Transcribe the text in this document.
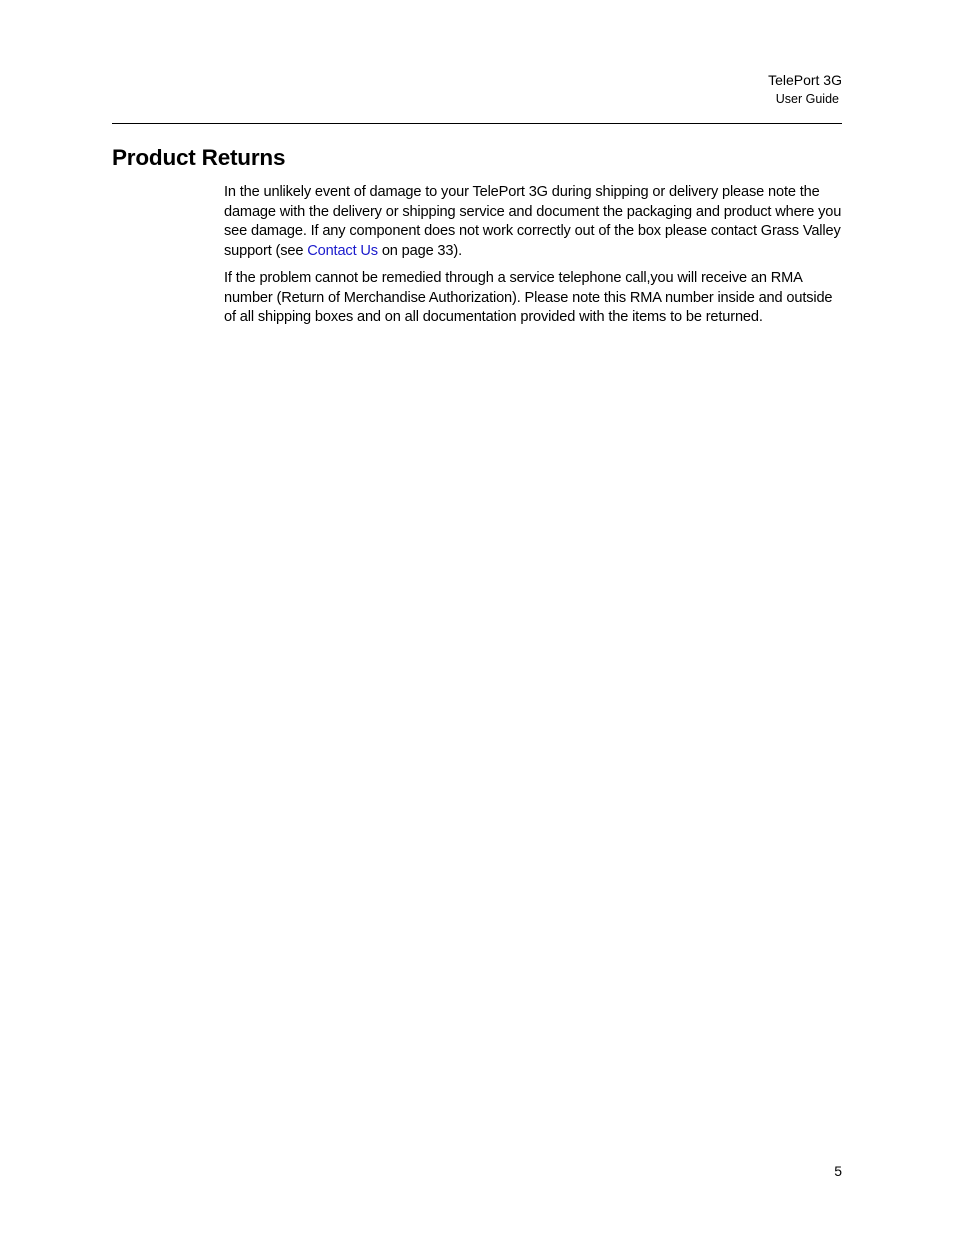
TelePort 3G
User Guide
Product Returns

In the unlikely event of damage to your TelePort 3G during shipping or delivery please note the damage with the delivery or shipping service and document the packaging and product where you see damage. If any component does not work correctly out of the box please contact Grass Valley support (see Contact Us on page 33).

If the problem cannot be remedied through a service telephone call,you will receive an RMA number (Return of Merchandise Authorization). Please note this RMA number inside and outside of all shipping boxes and on all documentation provided with the items to be returned.

5
